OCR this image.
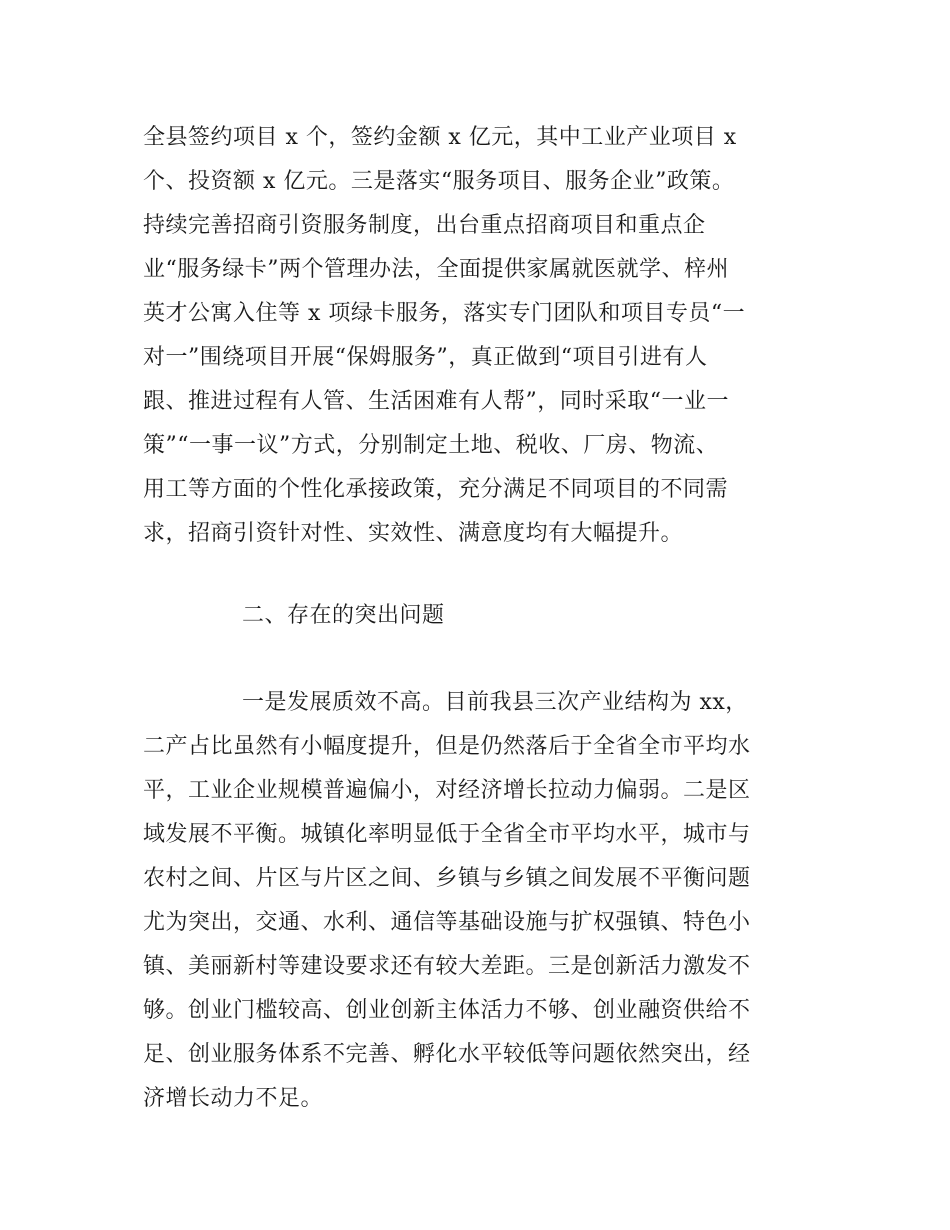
全县签约项目 x 个，签约金额 x 亿元，其中工业产业项目 x
个、投资额 x 亿元。三是落实“服务项目、服务企业”政策。
持续完善招商引资服务制度，出台重点招商项目和重点企
业“服务绿卡”两个管理办法，全面提供家属就医就学、梓州
英才公寓入住等 x 项绿卡服务，落实专门团队和项目专员“一
对一”围绕项目开展“保姆服务”，真正做到“项目引进有人
跟、推进过程有人管、生活困难有人帮”，同时采取“一业一
策”“一事一议”方式，分别制定土地、税收、厂房、物流、
用工等方面的个性化承接政策，充分满足不同项目的不同需
求，招商引资针对性、实效性、满意度均有大幅提升。
二、存在的突出问题
一是发展质效不高。目前我县三次产业结构为 xx，
二产占比虽然有小幅度提升，但是仍然落后于全省全市平均水
平，工业企业规模普遍偏小，对经济增长拉动力偏弱。二是区
域发展不平衡。城镇化率明显低于全省全市平均水平，城市与
农村之间、片区与片区之间、乡镇与乡镇之间发展不平衡问题
尤为突出，交通、水利、通信等基础设施与扩权强镇、特色小
镇、美丽新村等建设要求还有较大差距。三是创新活力激发不
够。创业门槛较高、创业创新主体活力不够、创业融资供给不
足、创业服务体系不完善、孵化水平较低等问题依然突出，经
济增长动力不足。
